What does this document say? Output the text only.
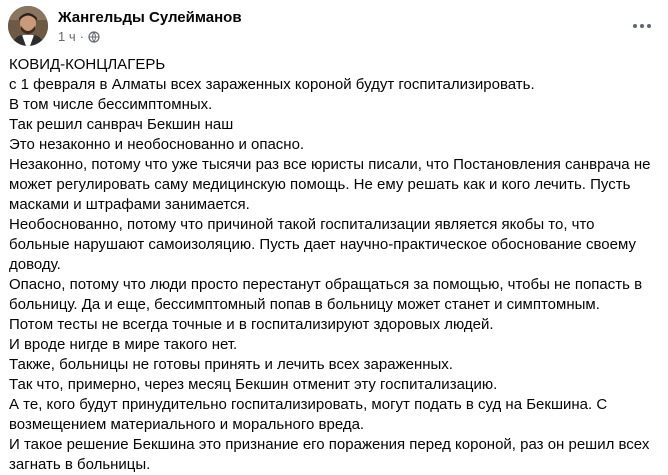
Жангельды Сулейманов
1 ч ·
КОВИД-КОНЦЛАГЕРЬ
с 1 февраля в Алматы всех зараженных короной будут госпитализировать.
В том числе бессимптомных.
Так решил санврач Бекшин наш
Это незаконно и необоснованно и опасно.
Незаконно, потому что уже тысячи раз все юристы писали, что Постановления санврача не
может регулировать саму медицинскую помощь. Не ему решать как и кого лечить. Пусть
масками и штрафами занимается.
Необоснованно, потому что причиной такой госпитализации является якобы то, что
больные нарушают самоизоляцию. Пусть дает научно-практическое обоснование своему
доводу.
Опасно, потому что люди просто перестанут обращаться за помощью, чтобы не попасть в
больницу. Да и еще, бессимптомный попав в больницу может станет и симптомным.
Потом тесты не всегда точные и в госпитализируют здоровых людей.
И вроде нигде в мире такого нет.
Также, больницы не готовы принять и лечить всех зараженных.
Так что, примерно, через месяц Бекшин отменит эту госпитализацию.
А те, кого будут принудительно госпитализировать, могут подать в суд на Бекшина. С
возмещением материального и морального вреда.
И такое решение Бекшина это признание его поражения перед короной, раз он решил всех
загнать в больницы.
